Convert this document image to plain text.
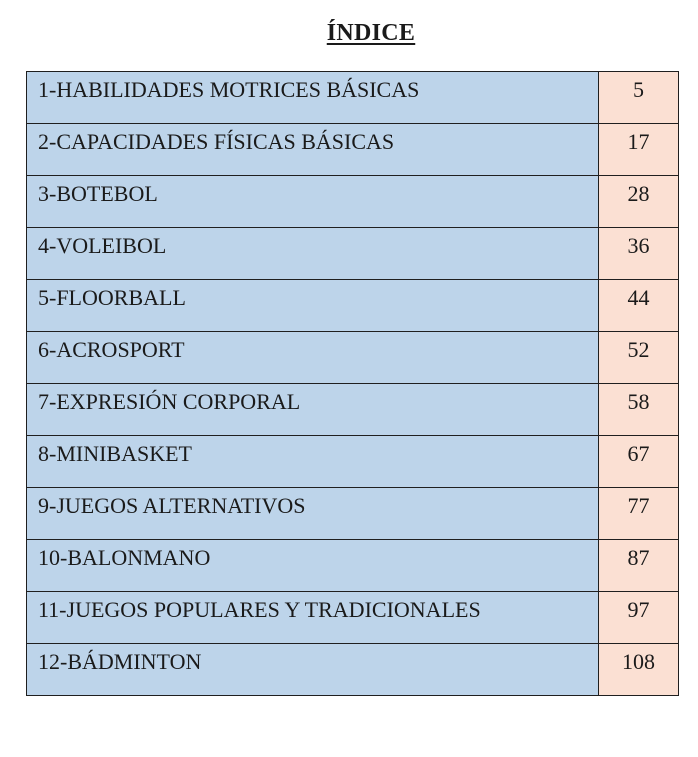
ÍNDICE
1-HABILIDADES MOTRICES BÁSICAS	5
2-CAPACIDADES FÍSICAS BÁSICAS	17
3-BOTEBOL	28
4-VOLEIBOL	36
5-FLOORBALL	44
6-ACROSPORT	52
7-EXPRESIÓN CORPORAL	58
8-MINIBASKET	67
9-JUEGOS ALTERNATIVOS	77
10-BALONMANO	87
11-JUEGOS POPULARES Y TRADICIONALES	97
12-BÁDMINTON	108
